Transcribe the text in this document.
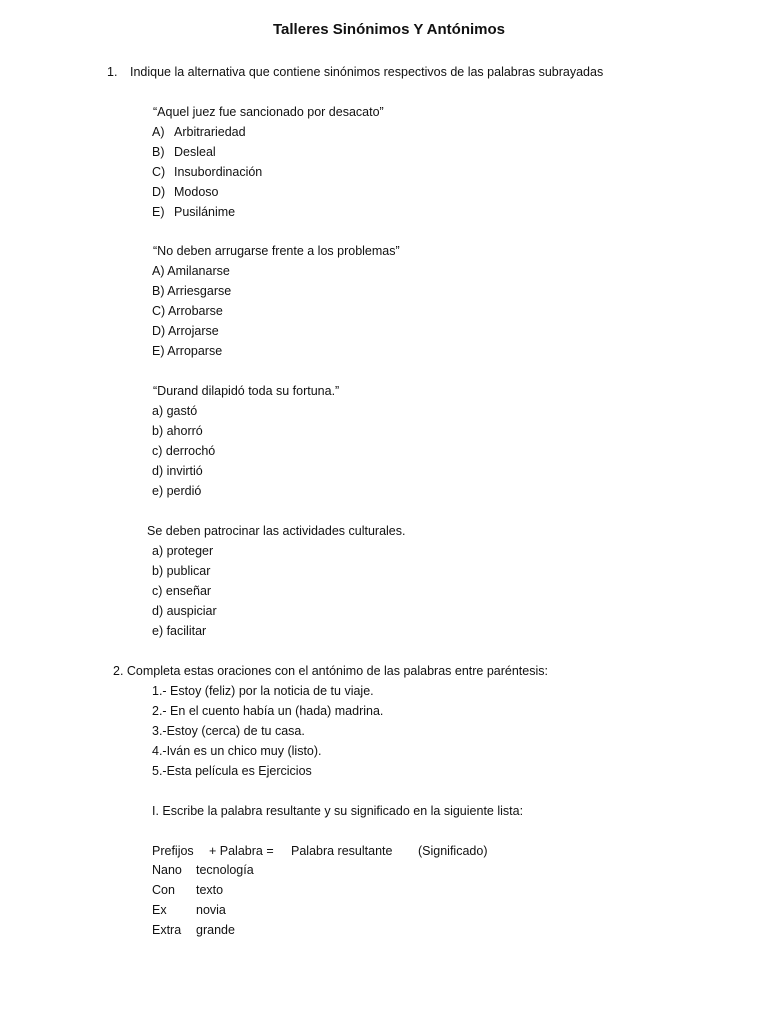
Talleres Sinónimos Y Antónimos
1. Indique la alternativa que contiene sinónimos respectivos de las palabras subrayadas
“Aquel juez fue sancionado por desacato”
A) Arbitrariedad
B) Desleal
C) Insubordinación
D) Modoso
E) Pusilánime
“No deben arrugarse frente a los problemas”
A) Amilanarse
B) Arriesgarse
C) Arrobarse
D) Arrojarse
E) Arroparse
“Durand dilapidó toda su fortuna.”
a) gastó
b) ahorró
c) derrochó
d) invirtió
e) perdió
Se deben patrocinar las actividades culturales.
a) proteger
b) publicar
c) enseñar
d) auspiciar
e) facilitar
2. Completa estas oraciones con el antónimo de las palabras entre paréntesis:
1.- Estoy (feliz) por la noticia de tu viaje.
2.- En el cuento había un (hada) madrina.
3.-Estoy (cerca) de tu casa.
4.-Iván es un chico muy (listo).
5.-Esta película es Ejercicios
I. Escribe la palabra resultante y su significado en la siguiente lista:
Prefijos + Palabra = Palabra resultante (Significado)
Nano tecnología
Con texto
Ex novia
Extra grande
